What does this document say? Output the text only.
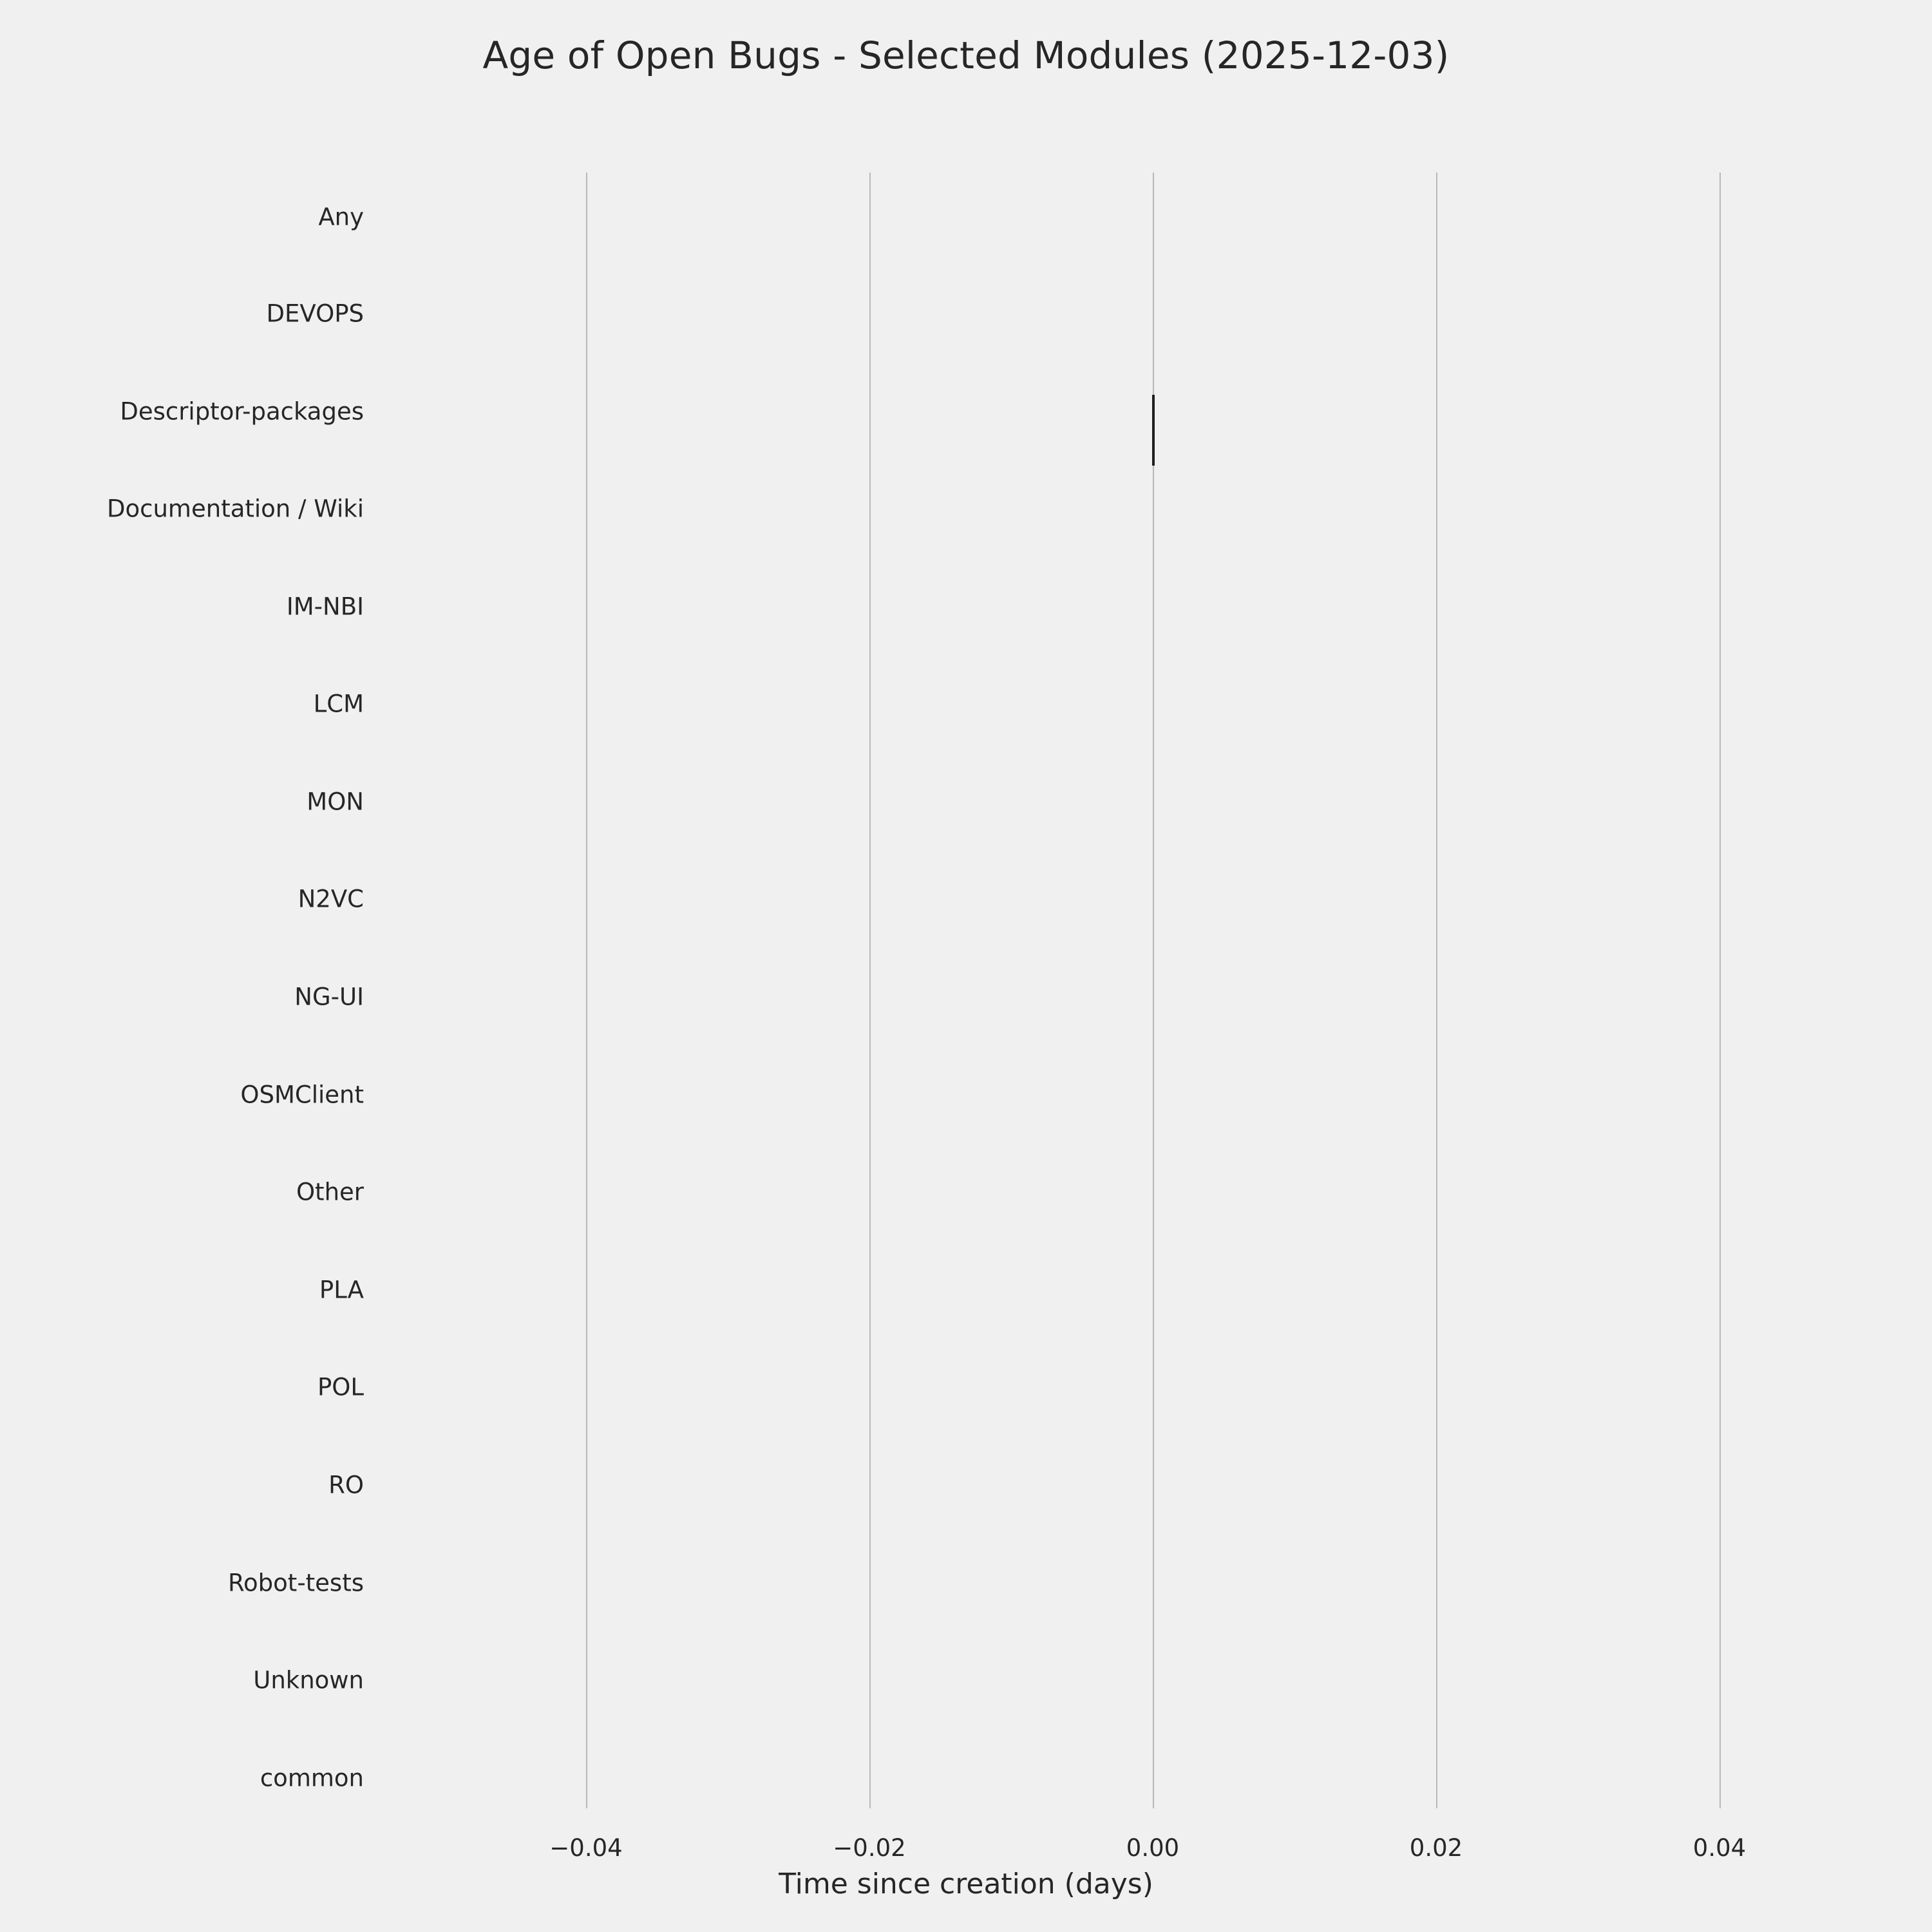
Age of Open Bugs - Selected Modules (2025-12-03)
Any
DEVOPS
Descriptor-packages
Documentation / Wiki
IM-NBI
LCM
MON
N2VC
NG-UI
OSMClient
Other
PLA
POL
RO
Robot-tests
Unknown
common
−0.04	−0.02	0.00	0.02	0.04
Time since creation (days)
